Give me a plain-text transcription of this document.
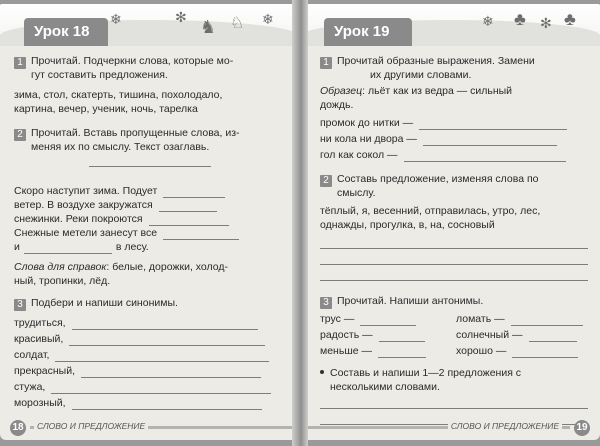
❄	✻ ♞ ♘ ❄
Урок 18
1 Прочитай. Подчеркни слова, которые мо-
гут составить предложения.
зима, стол, скатерть, тишина, похолодало,
картина, вечер, ученик, ночь, тарелка
2 Прочитай. Вставь пропущенные слова, из-
меняя их по смыслу. Текст озаглавь.
Скоро наступит зима. Подует
ветер. В воздухе закружатся
снежинки. Реки покроются
Снежные метели занесут все
и	в лесу.
Слова для справок: белые, дорожки, холод-
ный, тропинки, лёд.
3 Подбери и напиши синонимы.
трудиться,
красивый,
солдат,
прекрасный,
стужа,
морозный,
18	СЛОВО И ПРЕДЛОЖЕНИЕ
❄ ♣ ✻ ♣
Урок 19
1 Прочитай образные выражения. Замени
их другими словами.
Образец: льёт как из ведра — сильный
дождь.
промок до нитки —
ни кола ни двора —
гол как сокол —
2 Составь предложение, изменяя слова по
смыслу.
тёплый, я, весенний, отправилась, утро, лес,
однажды, прогулка, в, на, сосновый
3 Прочитай. Напиши антонимы.
трус —
радость —
меньше —
ломать —
солнечный —
хорошо —
Составь и напиши 1—2 предложения с
несколькими словами.
СЛОВО И ПРЕДЛОЖЕНИЕ	19
